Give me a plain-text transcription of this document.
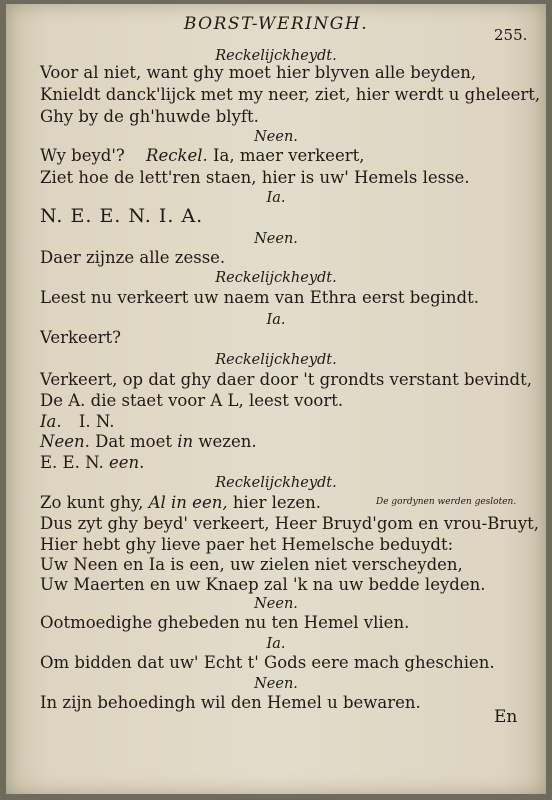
BORST-WERINGH.
255.
Reckelijckheydt.
Voor al niet, want ghy moet hier blyven alle beyden,
Knieldt danck'lijck met my neer, ziet, hier werdt u gheleert,
Ghy by de gh'huwde blyft.
Neen.
Wy beyd'? Reckel. Ia, maer verkeert,
Ziet hoe de lett'ren staen, hier is uw' Hemels lesse.
Ia.
N. E. E. N. I. A.
Neen.
Daer zijnze alle zesse.
Reckelijckheydt.
Leest nu verkeert uw naem van Ethra eerst begindt.
Ia.
Verkeert?
Reckelijckheydt.
Verkeert, op dat ghy daer door 't grondts verstant bevindt,
De A. die staet voor A L, leest voort.
Ia. I. N.
Neen. Dat moet in wezen.
E. E. N. een.
Reckelijckheydt.
Zo kunt ghy, Al in een, hier lezen.	De gordynen werden gesloten.
Dus zyt ghy beyd' verkeert, Heer Bruyd'gom en vrou-Bruyt,
Hier hebt ghy lieve paer het Hemelsche beduydt:
Uw Neen en Ia is een, uw zielen niet verscheyden,
Uw Maerten en uw Knaep zal 'k na uw bedde leyden.
Neen.
Ootmoedighe ghebeden nu ten Hemel vlien.
Ia.
Om bidden dat uw' Echt t' Gods eere mach gheschien.
Neen.
In zijn behoedingh wil den Hemel u bewaren.
En
